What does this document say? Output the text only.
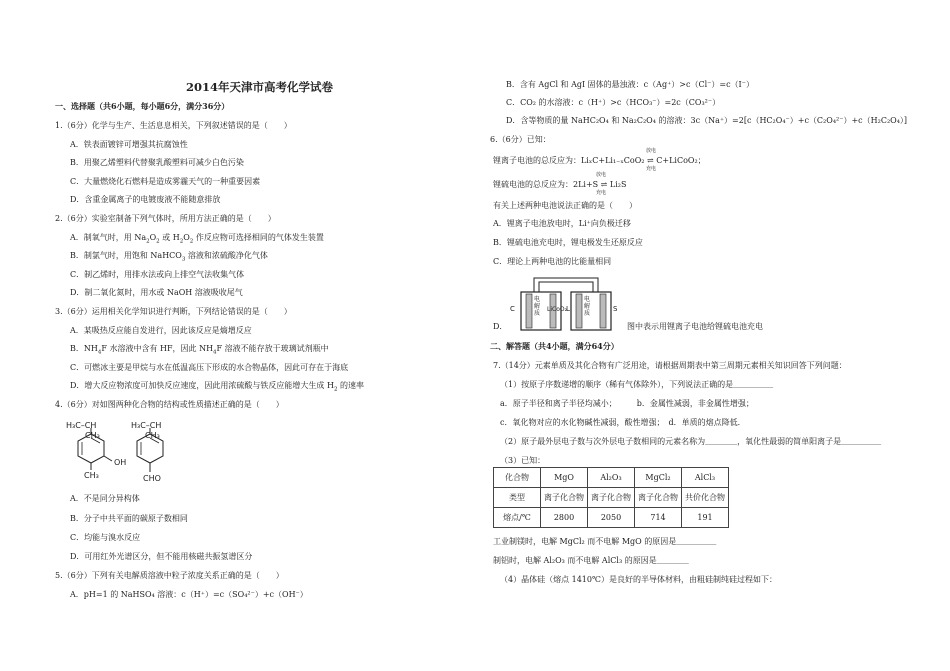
2014年天津市高考化学试卷
一、选择题（共6小题，每小题6分，满分36分）
1.（6分）化学与生产、生活息息相关，下列叙述错误的是（　　）
A．铁表面镀锌可增强其抗腐蚀性
B．用聚乙烯塑料代替聚乳酸塑料可减少白色污染
C．大量燃烧化石燃料是造成雾霾天气的一种重要因素
D．含重金属离子的电镀废液不能随意排放
2.（6分）实验室制备下列气体时，所用方法正确的是（　　）
A．制氧气时，用 $Na_2O_2$ 或 $H_2O_2$ 作反应物可选择相同的气体发生装置
B．制氯气时，用饱和 NaHCO$_3$ 溶液和浓硫酸净化气体
C．制乙烯时，用排水法或向上排空气法收集气体
D．制二氧化氮时，用水或 NaOH 溶液吸收尾气
3.（6分）运用相关化学知识进行判断，下列结论错误的是（　　）
A．某吸热反应能自发进行，因此该反应是熵增反应
B．$NH_4F$ 水溶液中含有 HF，因此 $NH_4F$ 溶液不能存放于玻璃试剂瓶中
C．可燃冰主要是甲烷与水在低温高压下形成的水合物晶体，因此可存在于海底
D．增大反应物浓度可加快反应速度，因此用浓硫酸与铁反应能增大生成 $H_2$ 的速率
4.（6分）对如图两种化合物的结构或性质描述正确的是（　　）
H₃C–CH
CH₃
OH
CH₃
H₃C–CH
CH₃
CHO
A．不是同分异构体
B．分子中共平面的碳原子数相同
C．均能与溴水反应
D．可用红外光谱区分，但不能用核磁共振氢谱区分
5.（6分）下列有关电解质溶液中粒子浓度关系正确的是（　　）
A．pH=1 的 NaHSO₄ 溶液：c（H⁺）=c（SO₄²⁻）+c（OH⁻）
B．含有 AgCl 和 AgI 固体的悬浊液：c（Ag⁺）>c（Cl⁻）=c（I⁻）
C．CO₂ 的水溶液：c（H⁺）>c（HCO₃⁻）=2c（CO₃²⁻）
D．含等物质的量 NaHC₂O₄ 和 Na₂C₂O₄ 的溶液：3c（Na⁺）=2[c（HC₂O₄⁻）+c（C₂O₄²⁻）+c（H₂C₂O₄）]
6.（6分）已知：
锂离子电池的总反应为：LiₓC+Li₁₋ₓCoO₂ ⇌ C+LiCoO₂；
放电
充电
锂硫电池的总反应为：2Li+S ⇌ Li₂S
放电
充电
有关上述两种电池说法正确的是（　　）
A．锂离子电池放电时，Li⁺向负极迁移
B．锂硫电池充电时，锂电极发生还原反应
C．理论上两种电池的比能量相同
D．
C
电解质
LiCoO₂ Li
电解质
S
图中表示用锂离子电池给锂硫电池充电
二、解答题（共4小题，满分64分）
7.（14分）元素单质及其化合物有广泛用途，请根据周期表中第三周期元素相关知识回答下列问题：
（1）按原子序数递增的顺序（稀有气体除外），下列说法正确的是＿＿＿＿＿
a．原子半径和离子半径均减小；　　　b．金属性减弱，非金属性增强；
c．氧化物对应的水化物碱性减弱，酸性增强；　d．单质的熔点降低．
（2）原子最外层电子数与次外层电子数相同的元素名称为＿＿＿＿，氧化性最弱的简单阳离子是＿＿＿＿＿
（3）已知：
化合物	MgO	Al₂O₃	MgCl₂	AlCl₃
类型	离子化合物	离子化合物	离子化合物	共价化合物
熔点/℃	2800	2050	714	191
工业制镁时，电解 MgCl₂ 而不电解 MgO 的原因是＿＿＿＿＿
制铝时，电解 Al₂O₃ 而不电解 AlCl₃ 的原因是＿＿＿＿
（4）晶体硅（熔点 1410℃）是良好的半导体材料，由粗硅制纯硅过程如下：
